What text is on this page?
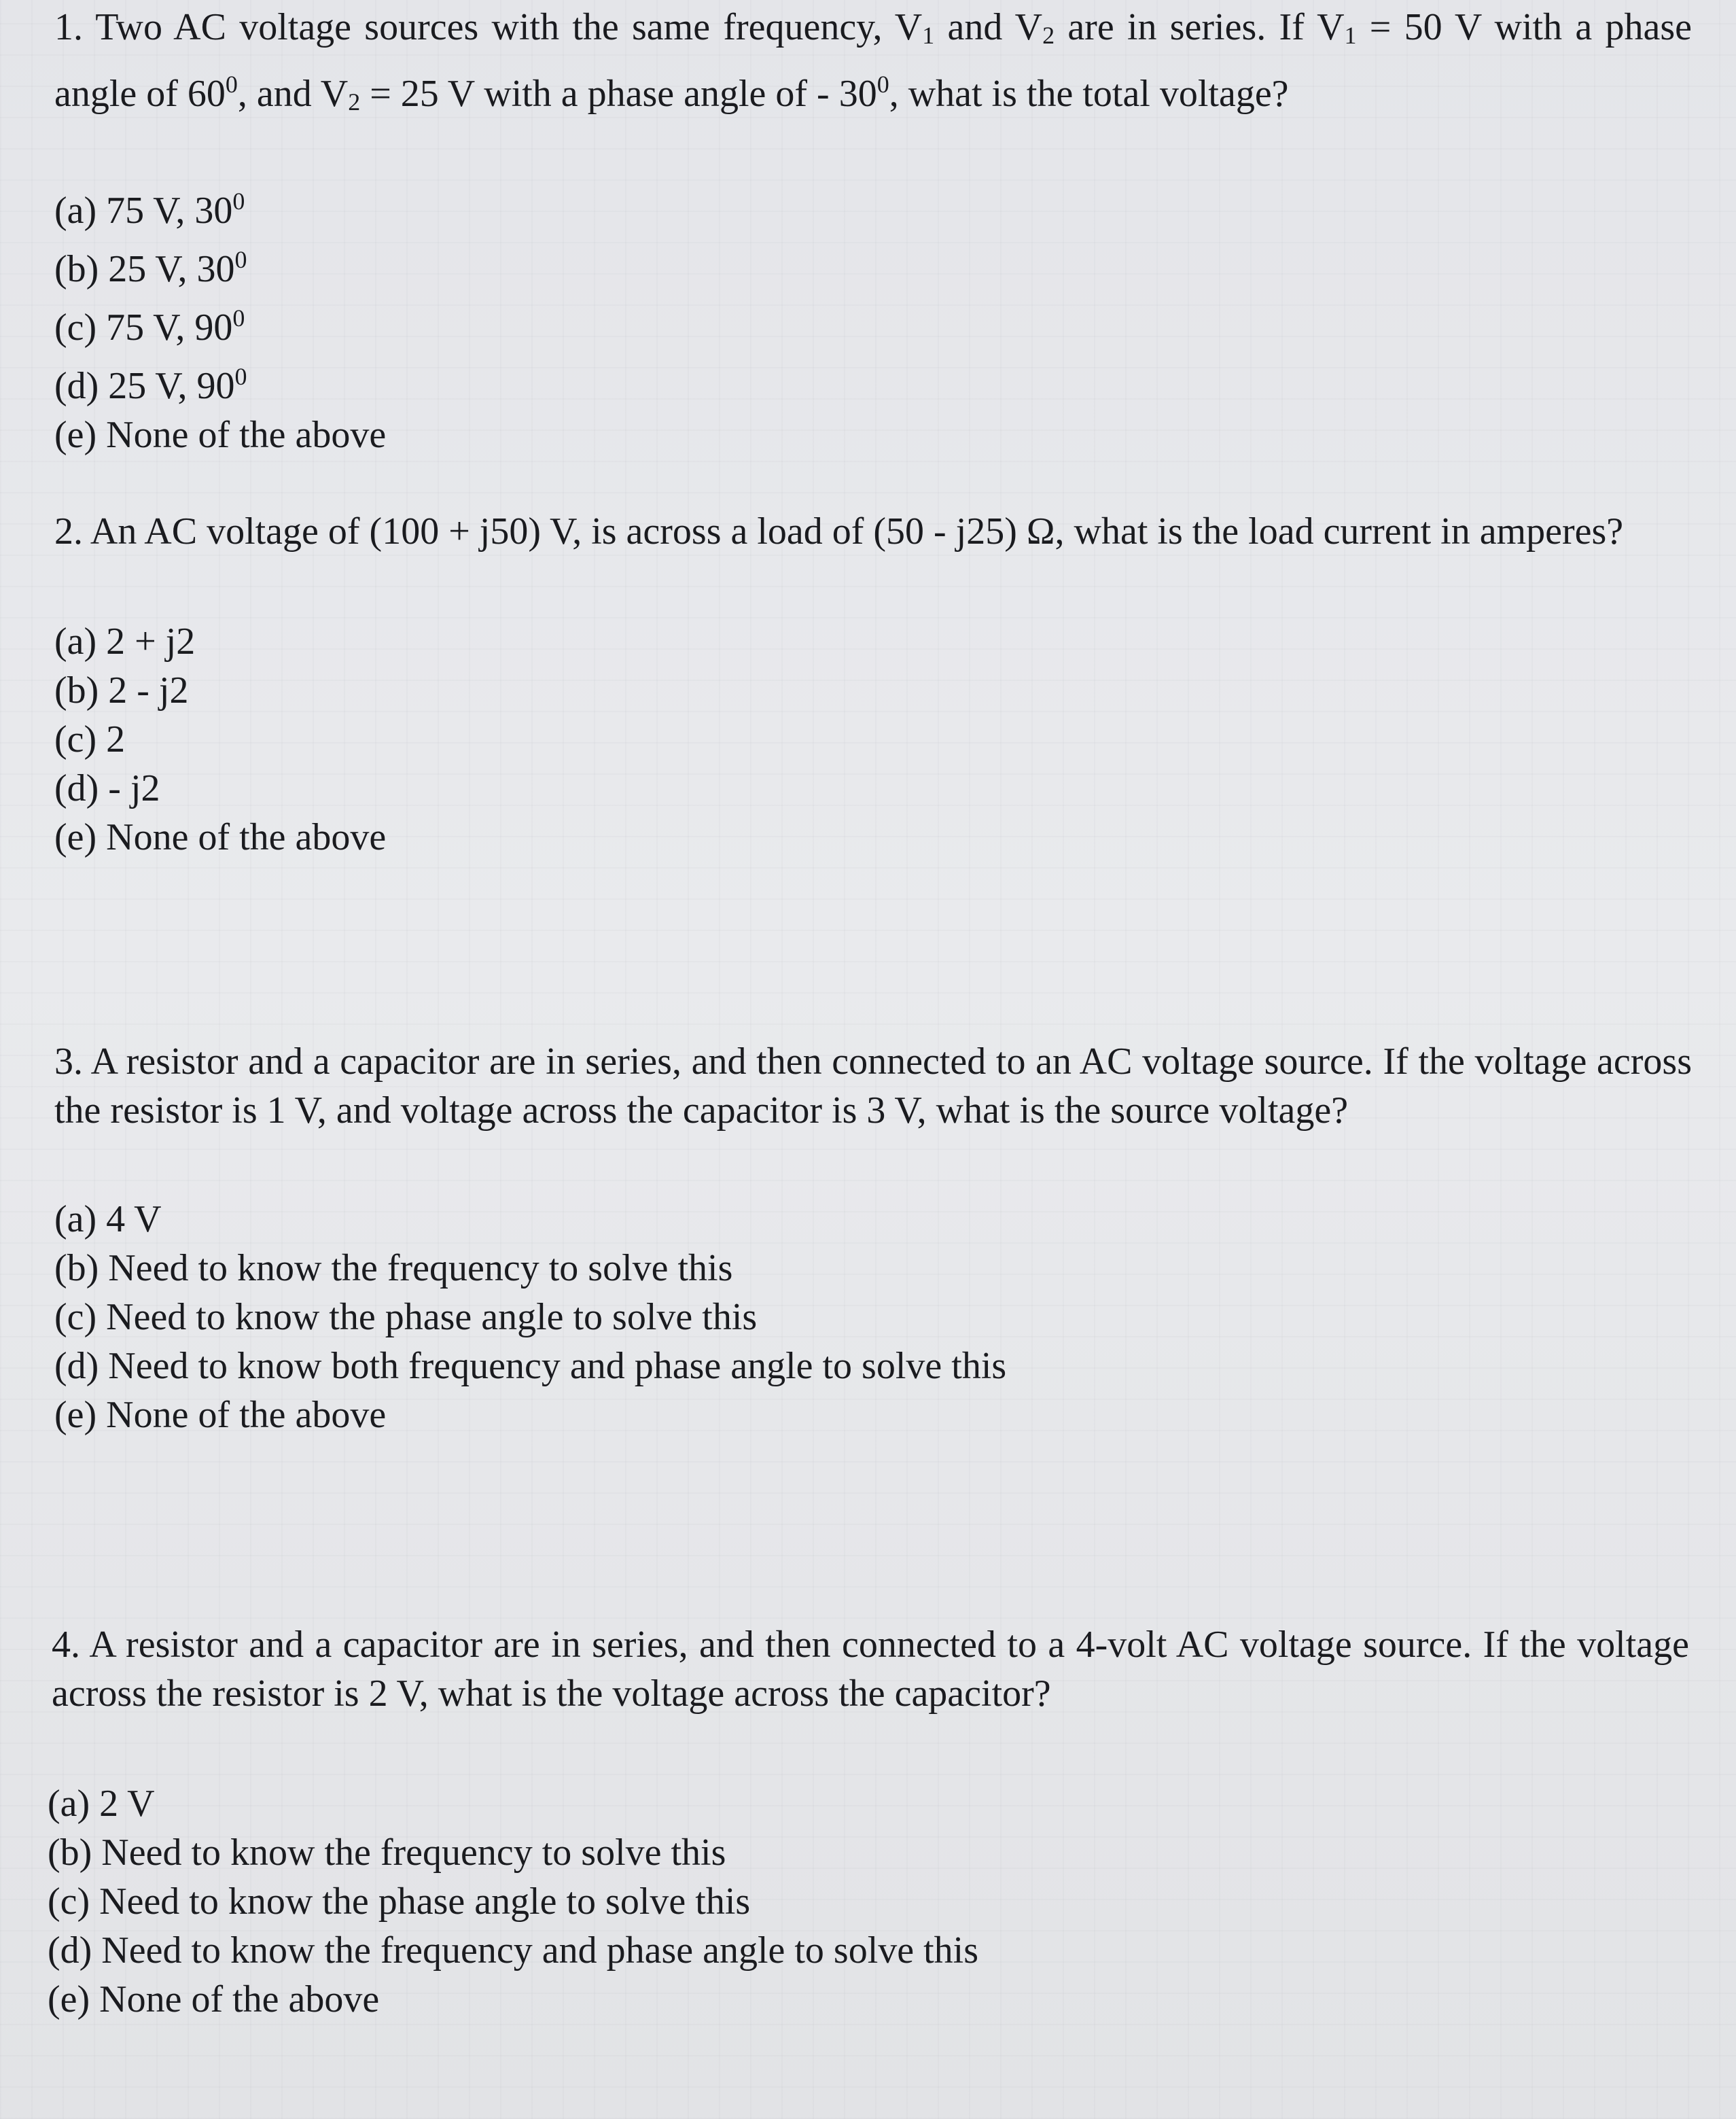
1. Two AC voltage sources with the same frequency, V1 and V2 are in series. If V1 = 50 V with a phase angle of $60^0$, and V2 = 25 V with a phase angle of - $30^0$, what is the total voltage?

(a) 75 V, $30^0$
(b) 25 V, $30^0$
(c) 75 V, $90^0$
(d) 25 V, $90^0$
(e) None of the above

2. An AC voltage of (100 + j50) V, is across a load of (50 - j25) Ω, what is the load current in amperes?

(a) 2 + j2
(b) 2 - j2
(c) 2
(d) - j2
(e) None of the above

3. A resistor and a capacitor are in series, and then connected to an AC voltage source. If the voltage across the resistor is 1 V, and voltage across the capacitor is 3 V, what is the source voltage?

(a) 4 V
(b) Need to know the frequency to solve this
(c) Need to know the phase angle to solve this
(d) Need to know both frequency and phase angle to solve this
(e) None of the above

4. A resistor and a capacitor are in series, and then connected to a 4-volt AC voltage source. If the voltage across the resistor is 2 V, what is the voltage across the capacitor?

(a) 2 V
(b) Need to know the frequency to solve this
(c) Need to know the phase angle to solve this
(d) Need to know the frequency and phase angle to solve this
(e) None of the above
